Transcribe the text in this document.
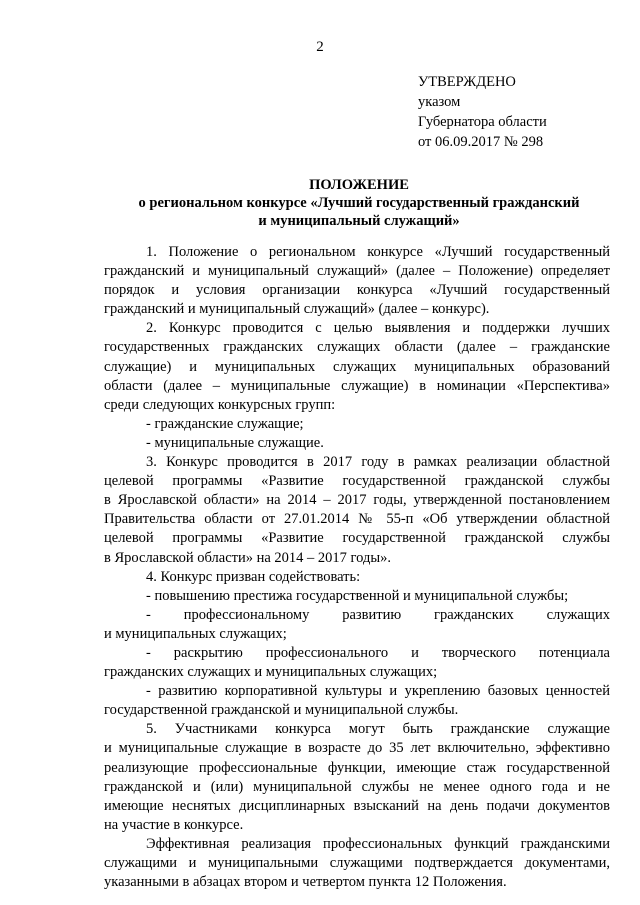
2
УТВЕРЖДЕНО
указом
Губернатора области
от 06.09.2017 № 298
ПОЛОЖЕНИЕ
о региональном конкурсе «Лучший государственный гражданский
и муниципальный служащий»
1. Положение о региональном конкурсе «Лучший государственный
гражданский и муниципальный служащий» (далее – Положение) определяет
порядок и условия организации конкурса «Лучший государственный
гражданский и муниципальный служащий» (далее – конкурс).
2. Конкурс проводится с целью выявления и поддержки лучших
государственных гражданских служащих области (далее – гражданские
служащие) и муниципальных служащих муниципальных образований
области (далее – муниципальные служащие) в номинации «Перспектива»
среди следующих конкурсных групп:
- гражданские служащие;
- муниципальные служащие.
3. Конкурс проводится в 2017 году в рамках реализации областной
целевой программы «Развитие государственной гражданской службы
в Ярославской области» на 2014 – 2017 годы, утвержденной постановлением
Правительства области от 27.01.2014 № 55-п «Об утверждении областной
целевой программы «Развитие государственной гражданской службы
в Ярославской области» на 2014 – 2017 годы».
4. Конкурс призван содействовать:
- повышению престижа государственной и муниципальной службы;
- профессиональному развитию гражданских служащих
и муниципальных служащих;
- раскрытию профессионального и творческого потенциала
гражданских служащих и муниципальных служащих;
- развитию корпоративной культуры и укреплению базовых ценностей
государственной гражданской и муниципальной службы.
5. Участниками конкурса могут быть гражданские служащие
и муниципальные служащие в возрасте до 35 лет включительно, эффективно
реализующие профессиональные функции, имеющие стаж государственной
гражданской и (или) муниципальной службы не менее одного года и не
имеющие неснятых дисциплинарных взысканий на день подачи документов
на участие в конкурсе.
Эффективная реализация профессиональных функций гражданскими
служащими и муниципальными служащими подтверждается документами,
указанными в абзацах втором и четвертом пункта 12 Положения.
